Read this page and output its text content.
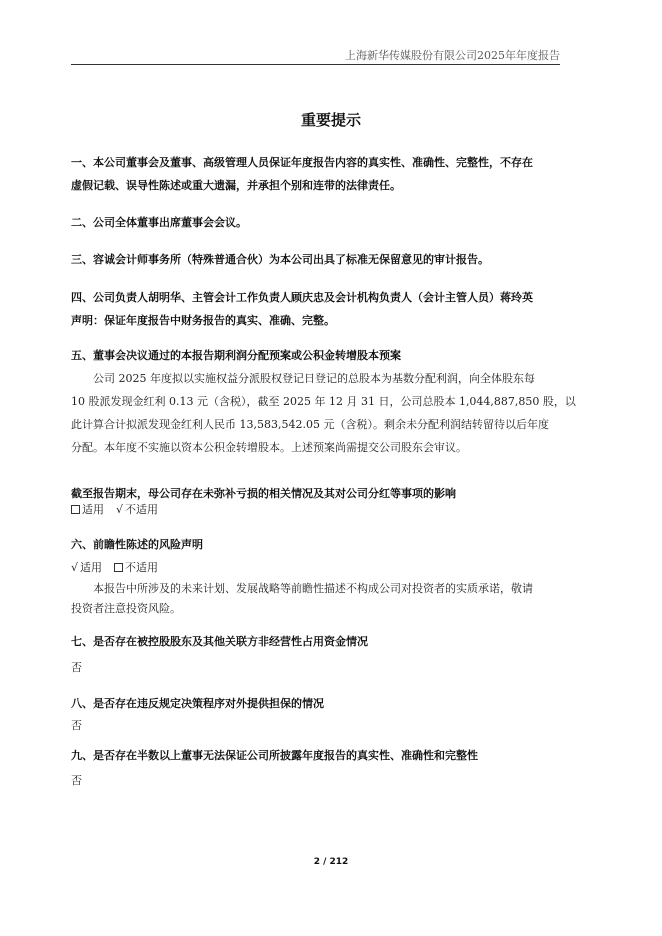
上海新华传媒股份有限公司2025年年度报告
重要提示
一、本公司董事会及董事、高级管理人员保证年度报告内容的真实性、准确性、完整性，不存在
虚假记载、误导性陈述或重大遗漏，并承担个别和连带的法律责任。
二、公司全体董事出席董事会会议。
三、容诚会计师事务所（特殊普通合伙）为本公司出具了标准无保留意见的审计报告。
四、公司负责人胡明华、主管会计工作负责人顾庆忠及会计机构负责人（会计主管人员）蒋玲英
声明：保证年度报告中财务报告的真实、准确、完整。
五、董事会决议通过的本报告期利润分配预案或公积金转增股本预案
公司 2025 年度拟以实施权益分派股权登记日登记的总股本为基数分配利润，向全体股东每
10 股派发现金红利 0.13 元（含税），截至 2025 年 12 月 31 日，公司总股本 1,044,887,850 股，以
此计算合计拟派发现金红利人民币 13,583,542.05 元（含税）。剩余未分配利润结转留待以后年度
分配。本年度不实施以资本公积金转增股本。上述预案尚需提交公司股东会审议。
截至报告期末，母公司存在未弥补亏损的相关情况及其对公司分红等事项的影响
适用 √ 不适用
六、前瞻性陈述的风险声明
√ 适用 不适用
本报告中所涉及的未来计划、发展战略等前瞻性描述不构成公司对投资者的实质承诺，敬请
投资者注意投资风险。
七、是否存在被控股股东及其他关联方非经营性占用资金情况
否
八、是否存在违反规定决策程序对外提供担保的情况
否
九、是否存在半数以上董事无法保证公司所披露年度报告的真实性、准确性和完整性
否
2 / 212
